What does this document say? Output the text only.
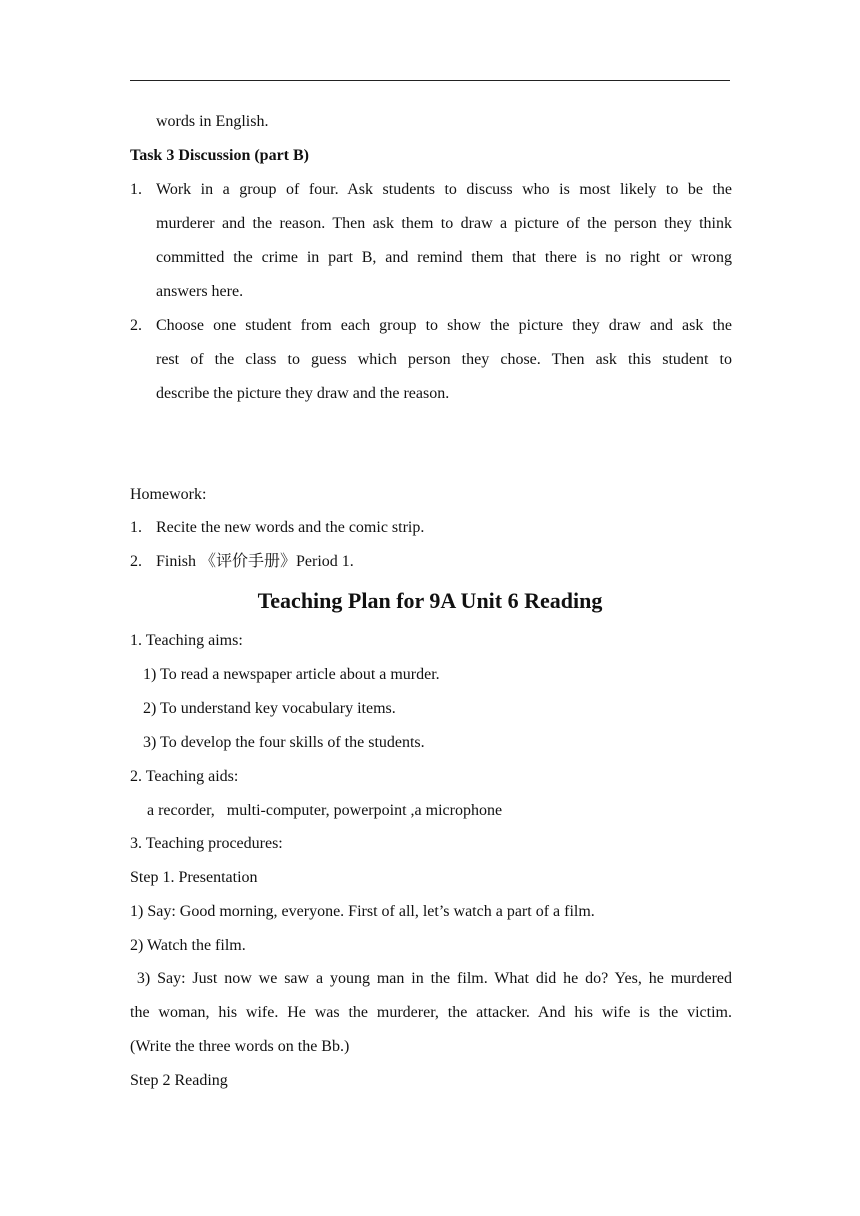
words in English.
Task 3 Discussion (part B)
1. Work in a group of four. Ask students to discuss who is most likely to be the
murderer and the reason. Then ask them to draw a picture of the person they think
committed the crime in part B, and remind them that there is no right or wrong
answers here.
2. Choose one student from each group to show the picture they draw and ask the
rest of the class to guess which person they chose. Then ask this student to
describe the picture they draw and the reason.
Homework:
1. Recite the new words and the comic strip.
2. Finish 《评价手册》Period 1.
Teaching Plan for 9A Unit 6 Reading
1. Teaching aims:
1) To read a newspaper article about a murder.
2) To understand key vocabulary items.
3) To develop the four skills of the students.
2. Teaching aids:
a recorder,   multi-computer, powerpoint ,a microphone
3. Teaching procedures:
Step 1. Presentation
1) Say: Good morning, everyone. First of all, let’s watch a part of a film.
2) Watch the film.
3) Say: Just now we saw a young man in the film. What did he do? Yes, he murdered
the woman, his wife. He was the murderer, the attacker. And his wife is the victim.
(Write the three words on the Bb.)
Step 2 Reading
